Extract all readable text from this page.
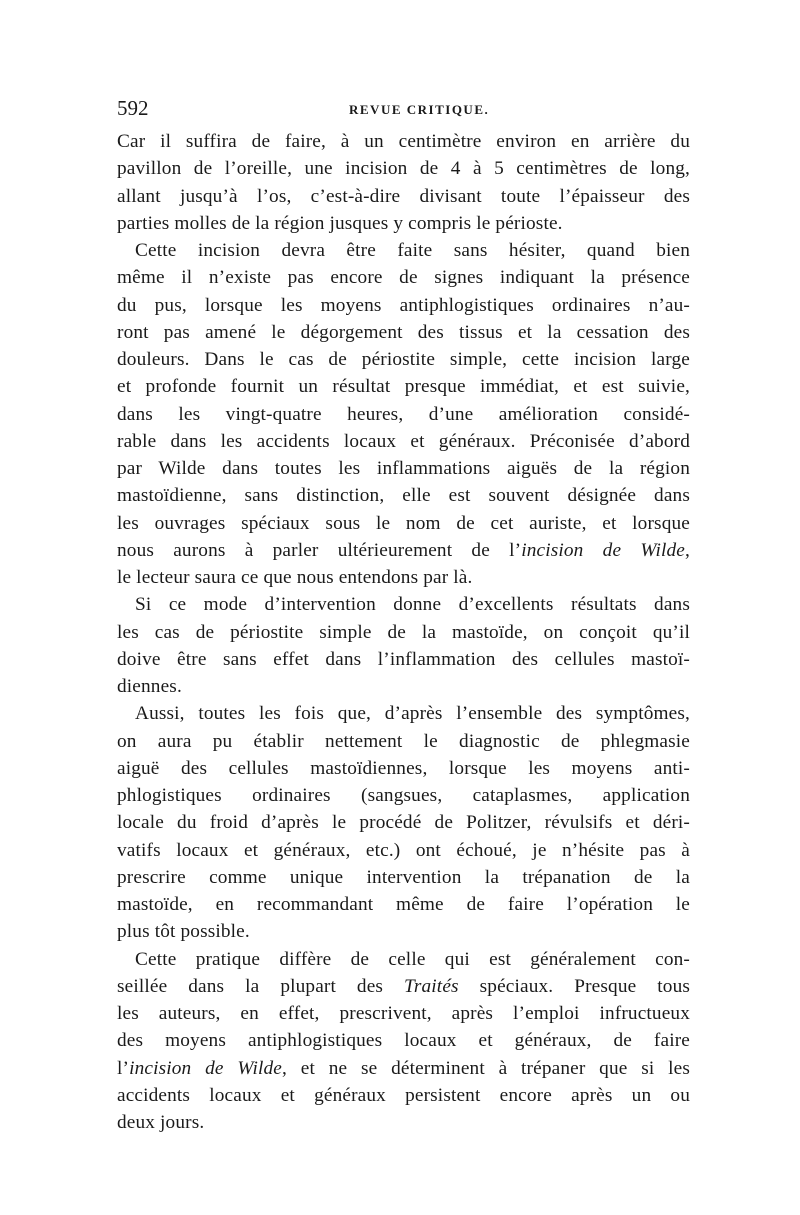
592	REVUE CRITIQUE.
Car il suffira de faire, à un centimètre environ en arrière du
pavillon de l’oreille, une incision de 4 à 5 centimètres de long,
allant jusqu’à l’os, c’est-à-dire divisant toute l’épaisseur des
parties molles de la région jusques y compris le périoste.
Cette incision devra être faite sans hésiter, quand bien
même il n’existe pas encore de signes indiquant la présence
du pus, lorsque les moyens antiphlogistiques ordinaires n’au-
ront pas amené le dégorgement des tissus et la cessation des
douleurs. Dans le cas de périostite simple, cette incision large
et profonde fournit un résultat presque immédiat, et est suivie,
dans les vingt-quatre heures, d’une amélioration considé-
rable dans les accidents locaux et généraux. Préconisée d’abord
par Wilde dans toutes les inflammations aiguës de la région
mastoïdienne, sans distinction, elle est souvent désignée dans
les ouvrages spéciaux sous le nom de cet auriste, et lorsque
nous aurons à parler ultérieurement de l’incision de Wilde,
le lecteur saura ce que nous entendons par là.
Si ce mode d’intervention donne d’excellents résultats dans
les cas de périostite simple de la mastoïde, on conçoit qu’il
doive être sans effet dans l’inflammation des cellules mastoï-
diennes.
Aussi, toutes les fois que, d’après l’ensemble des symptômes,
on aura pu établir nettement le diagnostic de phlegmasie
aiguë des cellules mastoïdiennes, lorsque les moyens anti-
phlogistiques ordinaires (sangsues, cataplasmes, application
locale du froid d’après le procédé de Politzer, révulsifs et déri-
vatifs locaux et généraux, etc.) ont échoué, je n’hésite pas à
prescrire comme unique intervention la trépanation de la
mastoïde, en recommandant même de faire l’opération le
plus tôt possible.
Cette pratique diffère de celle qui est généralement con-
seillée dans la plupart des Traités spéciaux. Presque tous
les auteurs, en effet, prescrivent, après l’emploi infructueux
des moyens antiphlogistiques locaux et généraux, de faire
l’incision de Wilde, et ne se déterminent à trépaner que si les
accidents locaux et généraux persistent encore après un ou
deux jours.
